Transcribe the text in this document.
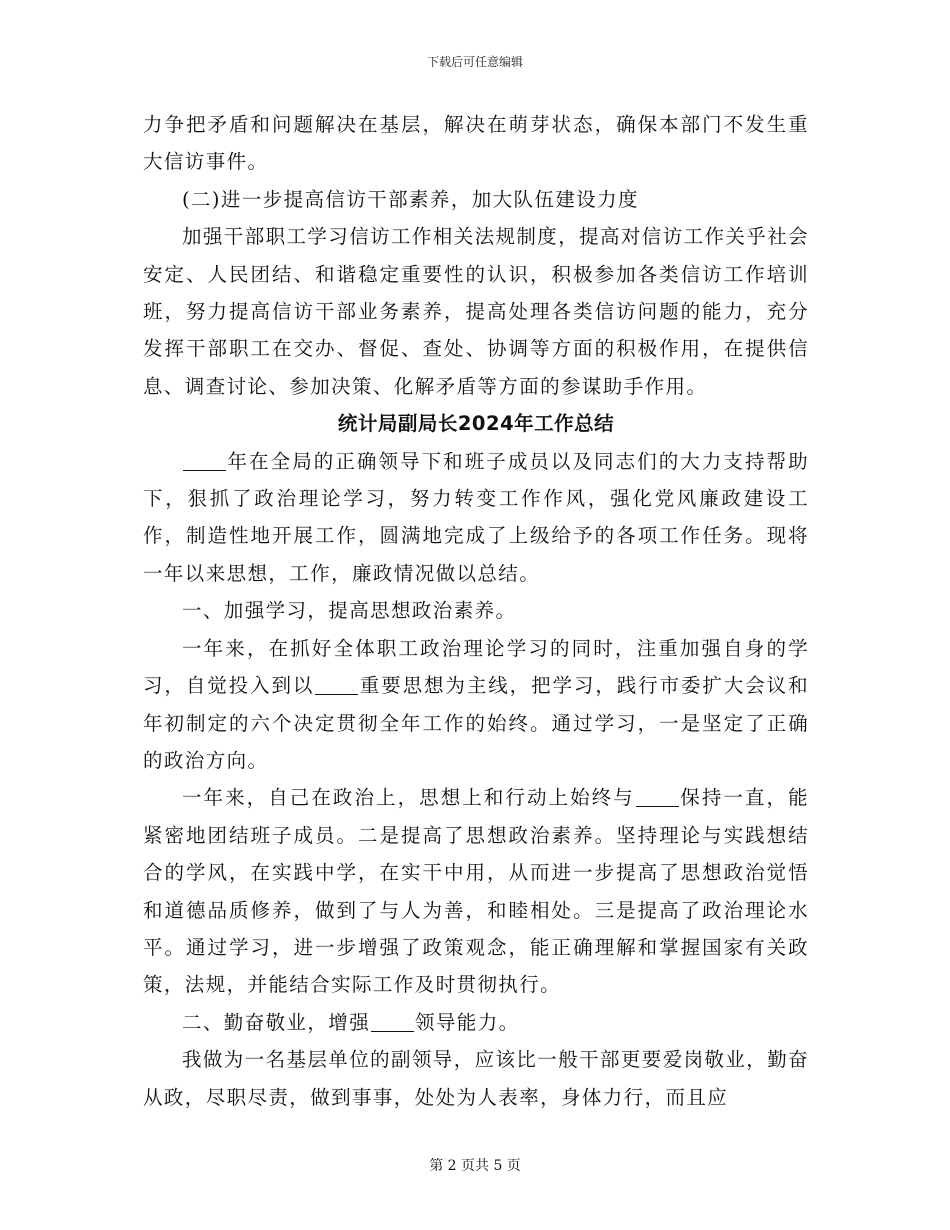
下载后可任意编辑

力争把矛盾和问题解决在基层，解决在萌芽状态，确保本部门不发生重大信访事件。

(二)进一步提高信访干部素养，加大队伍建设力度

加强干部职工学习信访工作相关法规制度，提高对信访工作关乎社会安定、人民团结、和谐稳定重要性的认识，积极参加各类信访工作培训班，努力提高信访干部业务素养，提高处理各类信访问题的能力，充分发挥干部职工在交办、督促、查处、协调等方面的积极作用，在提供信息、调查讨论、参加决策、化解矛盾等方面的参谋助手作用。

统计局副局长2024年工作总结

年在全局的正确领导下和班子成员以及同志们的大力支持帮助下，狠抓了政治理论学习，努力转变工作作风，强化党风廉政建设工作，制造性地开展工作，圆满地完成了上级给予的各项工作任务。现将一年以来思想，工作，廉政情况做以总结。

一、加强学习，提高思想政治素养。

一年来，在抓好全体职工政治理论学习的同时，注重加强自身的学习，自觉投入到以 重要思想为主线，把学习，践行市委扩大会议和年初制定的六个决定贯彻全年工作的始终。通过学习，一是坚定了正确的政治方向。

一年来，自己在政治上，思想上和行动上始终与 保持一直，能紧密地团结班子成员。二是提高了思想政治素养。坚持理论与实践想结合的学风，在实践中学，在实干中用，从而进一步提高了思想政治觉悟和道德品质修养，做到了与人为善，和睦相处。三是提高了政治理论水平。通过学习，进一步增强了政策观念，能正确理解和掌握国家有关政策，法规，并能结合实际工作及时贯彻执行。

二、勤奋敬业，增强 领导能力。

我做为一名基层单位的副领导，应该比一般干部更要爱岗敬业，勤奋从政，尽职尽责，做到事事，处处为人表率，身体力行，而且应

第 2 页共 5 页
